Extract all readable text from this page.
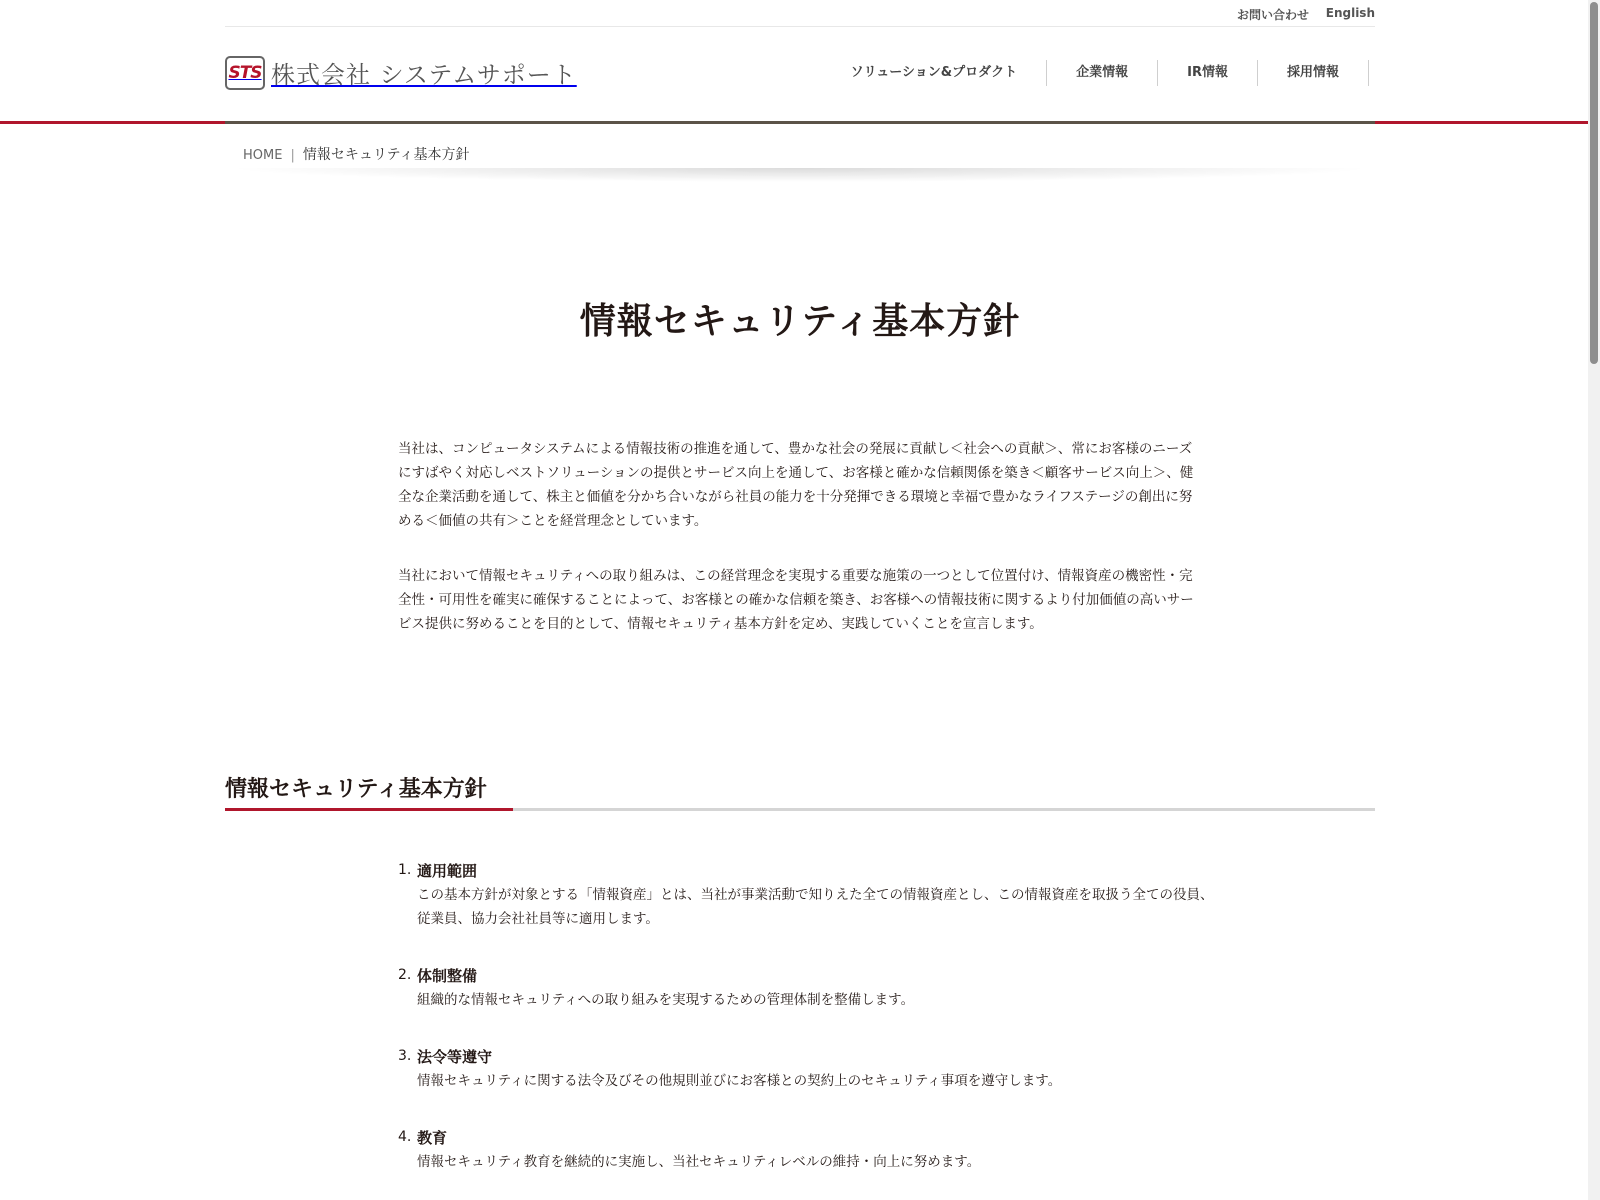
お問い合わせ English
STS 株式会社 システムサポート	ソリューション&プロダクト	企業情報	IR情報	採用情報
HOME | 情報セキュリティ基本方針
情報セキュリティ基本方針

当社は、コンピュータシステムによる情報技術の推進を通して、豊かな社会の発展に貢献し＜社会への貢献＞、常にお客様のニーズにすばやく対応しベストソリューションの提供とサービス向上を通して、お客様と確かな信頼関係を築き＜顧客サービス向上＞、健全な企業活動を通して、株主と価値を分かち合いながら社員の能力を十分発揮できる環境と幸福で豊かなライフステージの創出に努める＜価値の共有＞ことを経営理念としています。

当社において情報セキュリティへの取り組みは、この経営理念を実現する重要な施策の一つとして位置付け、情報資産の機密性・完全性・可用性を確実に確保することによって、お客様との確かな信頼を築き、お客様への情報技術に関するより付加価値の高いサービス提供に努めることを目的として、情報セキュリティ基本方針を定め、実践していくことを宣言します。

情報セキュリティ基本方針
1. 適用範囲
この基本方針が対象とする「情報資産」とは、当社が事業活動で知りえた全ての情報資産とし、この情報資産を取扱う全ての役員、従業員、協力会社社員等に適用します。
2. 体制整備
組織的な情報セキュリティへの取り組みを実現するための管理体制を整備します。
3. 法令等遵守
情報セキュリティに関する法令及びその他規則並びにお客様との契約上のセキュリティ事項を遵守します。
4. 教育
情報セキュリティ教育を継続的に実施し、当社セキュリティレベルの維持・向上に努めます。
